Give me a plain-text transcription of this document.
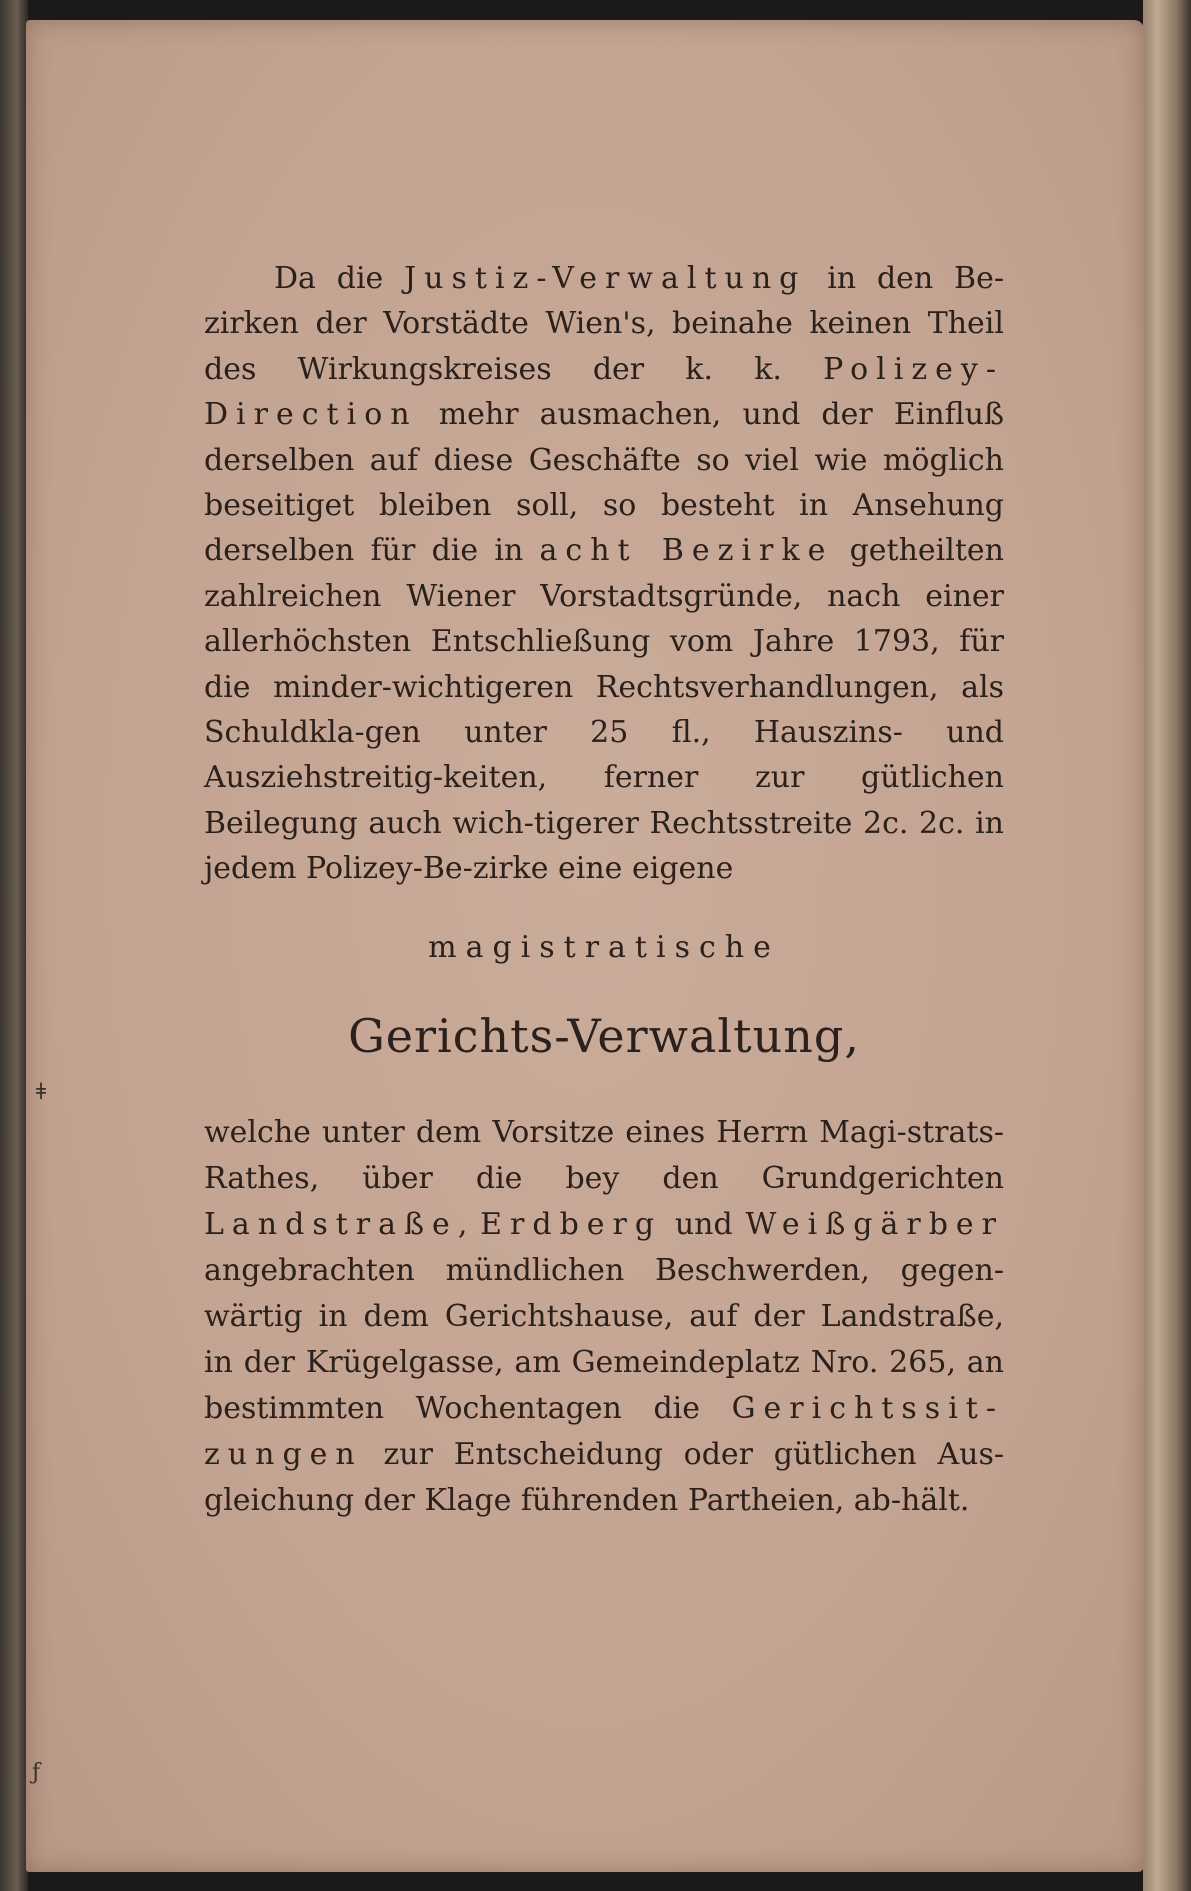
ǂ
ƒ

Da die Justiz-Verwaltung in den Be-zirken der Vorstädte Wien's, beinahe keinen Theil des Wirkungskreises der k. k. Polizey-Direction mehr ausmachen, und der Einfluß derselben auf diese Geschäfte so viel wie möglich beseitiget bleiben soll, so besteht in Ansehung derselben für die in acht Bezirke getheilten zahlreichen Wiener Vorstadtsgründe, nach einer allerhöchsten Entschließung vom Jahre 1793, für die minder-wichtigeren Rechtsverhandlungen, als Schuldkla-gen unter 25 fl., Hauszins- und Ausziehstreitig-keiten, ferner zur gütlichen Beilegung auch wich-tigerer Rechtsstreite 2c. 2c. in jedem Polizey-Be-zirke eine eigene

magistratische
Gerichts-Verwaltung,

welche unter dem Vorsitze eines Herrn Magi-strats-Rathes, über die bey den Grundgerichten Landstraße, Erdberg und Weißgärber angebrachten mündlichen Beschwerden, gegen-wärtig in dem Gerichtshause, auf der Landstraße, in der Krügelgasse, am Gemeindeplatz Nro. 265, an bestimmten Wochentagen die Gerichtssit-zungen zur Entscheidung oder gütlichen Aus-gleichung der Klage führenden Partheien, ab-hält.
